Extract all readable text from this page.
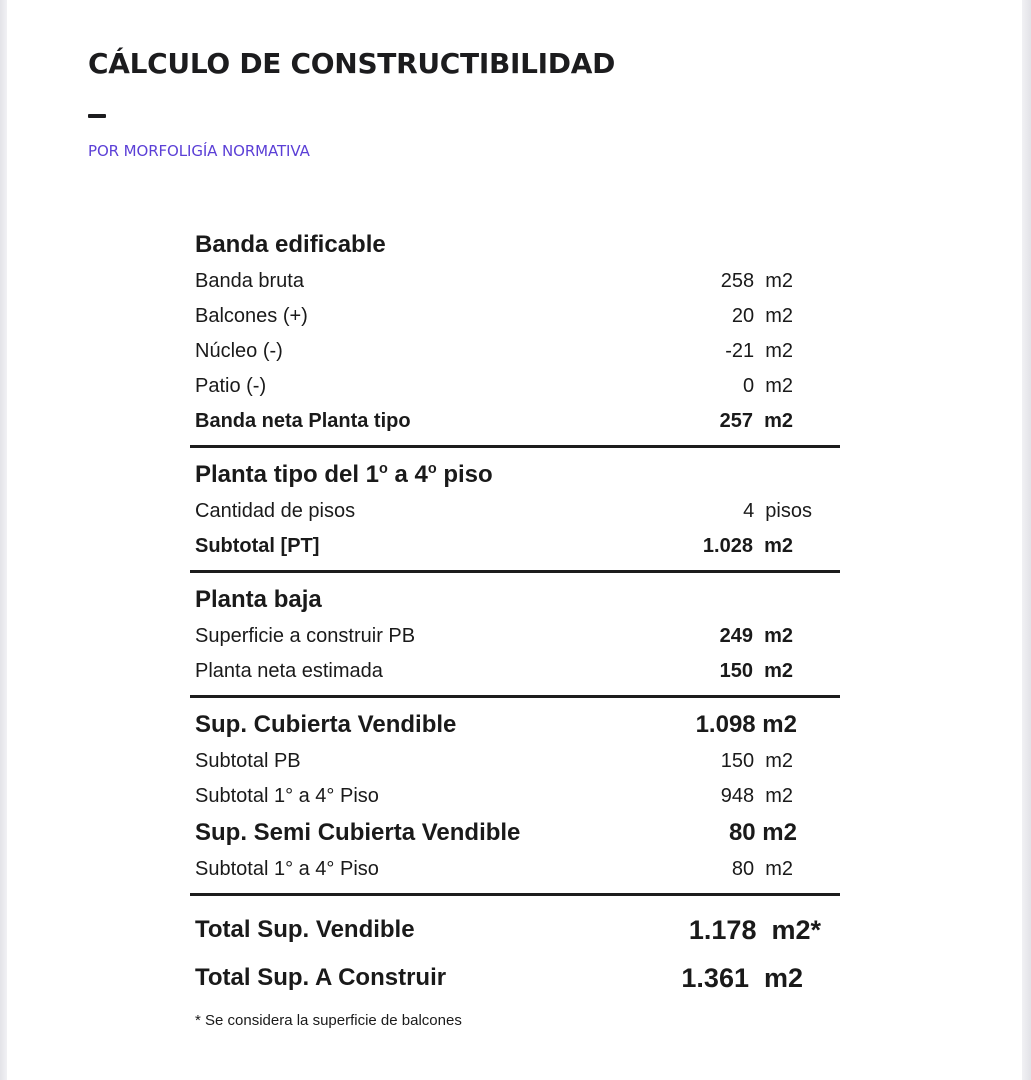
CÁLCULO DE CONSTRUCTIBILIDAD
POR MORFOLIGÍA NORMATIVA
Banda edificable
Banda bruta	258  m2
Balcones (+)	20  m2
Núcleo (-)	-21  m2
Patio (-)	0  m2
Banda neta Planta tipo	257  m2
Planta tipo del 1$^o$ a 4$^o$ piso
Cantidad de pisos	4  pisos
Subtotal [PT]	1.028  m2
Planta baja
Superficie a construir PB	249  m2
Planta neta estimada	150  m2
Sup. Cubierta Vendible	1.098 m2
Subtotal PB	150  m2
Subtotal 1° a 4° Piso	948  m2
Sup. Semi Cubierta Vendible	80 m2
Subtotal 1° a 4° Piso	80  m2
Total Sup. Vendible	1.178  m2*
Total Sup. A Construir	1.361  m2
* Se considera la superficie de balcones
